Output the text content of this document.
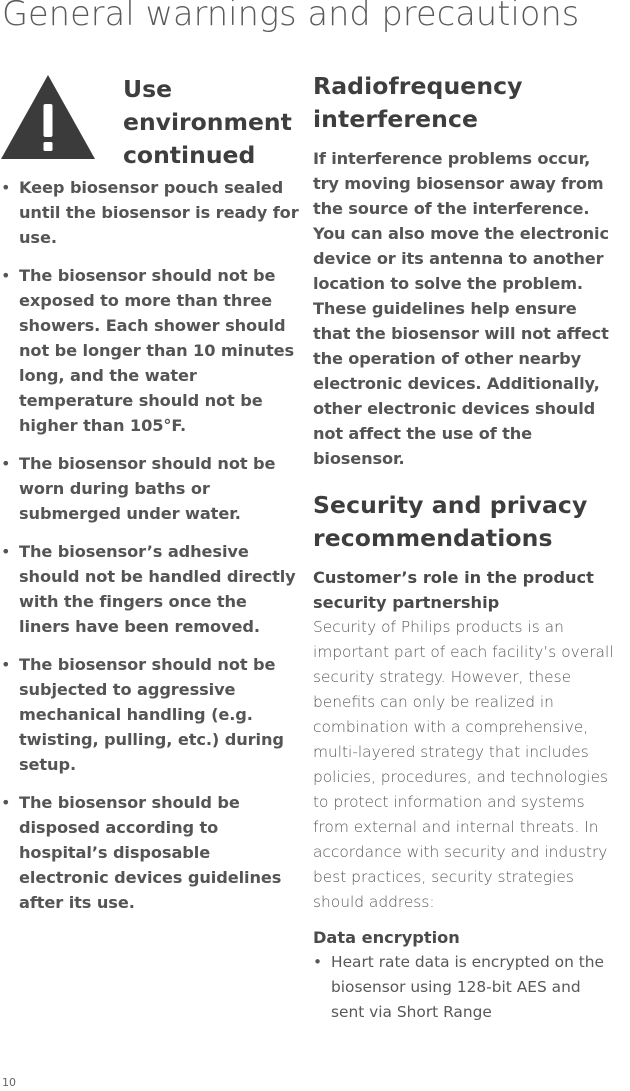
General warnings and precautions
Use
environment
continued
• Keep biosensor pouch sealed until the biosensor is ready for use.
• The biosensor should not be exposed to more than three showers. Each shower should not be longer than 10 minutes long, and the water temperature should not be higher than 105°F.
• The biosensor should not be worn during baths or submerged under water.
• The biosensor’s adhesive should not be handled directly with the fingers once the liners have been removed.
• The biosensor should not be subjected to aggressive mechanical handling (e.g. twisting, pulling, etc.) during setup.
• The biosensor should be disposed according to hospital’s disposable electronic devices guidelines after its use.
Radiofrequency interference

If interference problems occur, try moving biosensor away from the source of the interference. You can also move the electronic device or its antenna to another location to solve the problem. These guidelines help ensure that the biosensor will not affect the operation of other nearby electronic devices. Additionally, other electronic devices should not affect the use of the biosensor.

Security and privacy recommendations

Customer’s role in the product security partnership

Security of Philips products is an important part of each facility’s overall security strategy. However, these benefits can only be realized in combination with a comprehensive, multi-layered strategy that includes policies, procedures, and technologies to protect information and systems from external and internal threats. In accordance with security and industry best practices, security strategies should address:

Data encryption

• Heart rate data is encrypted on the biosensor using 128-bit AES and sent via Short Range

10
